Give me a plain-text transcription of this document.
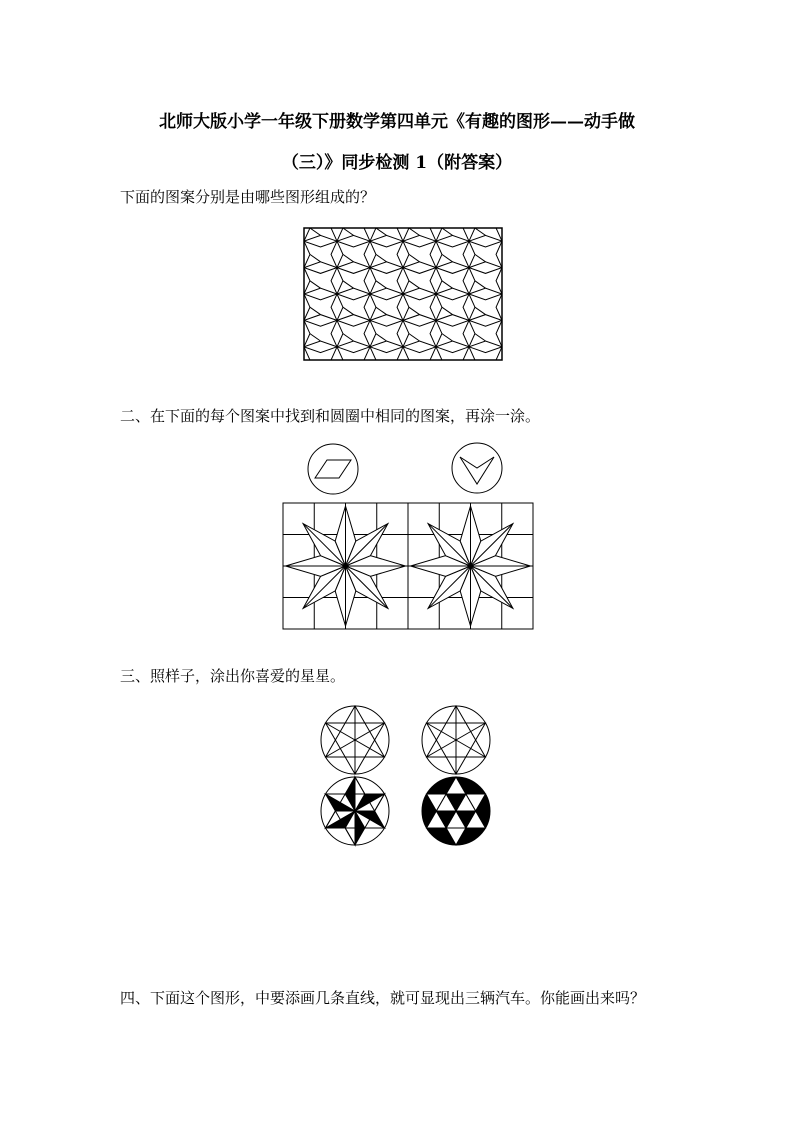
北师大版小学一年级下册数学第四单元《有趣的图形——动手做
（三）》同步检测 1（附答案）
下面的图案分别是由哪些图形组成的？
二、在下面的每个图案中找到和圆圈中相同的图案，再涂一涂。
三、照样子，涂出你喜爱的星星。
四、下面这个图形，中要添画几条直线，就可显现出三辆汽车。你能画出来吗？
